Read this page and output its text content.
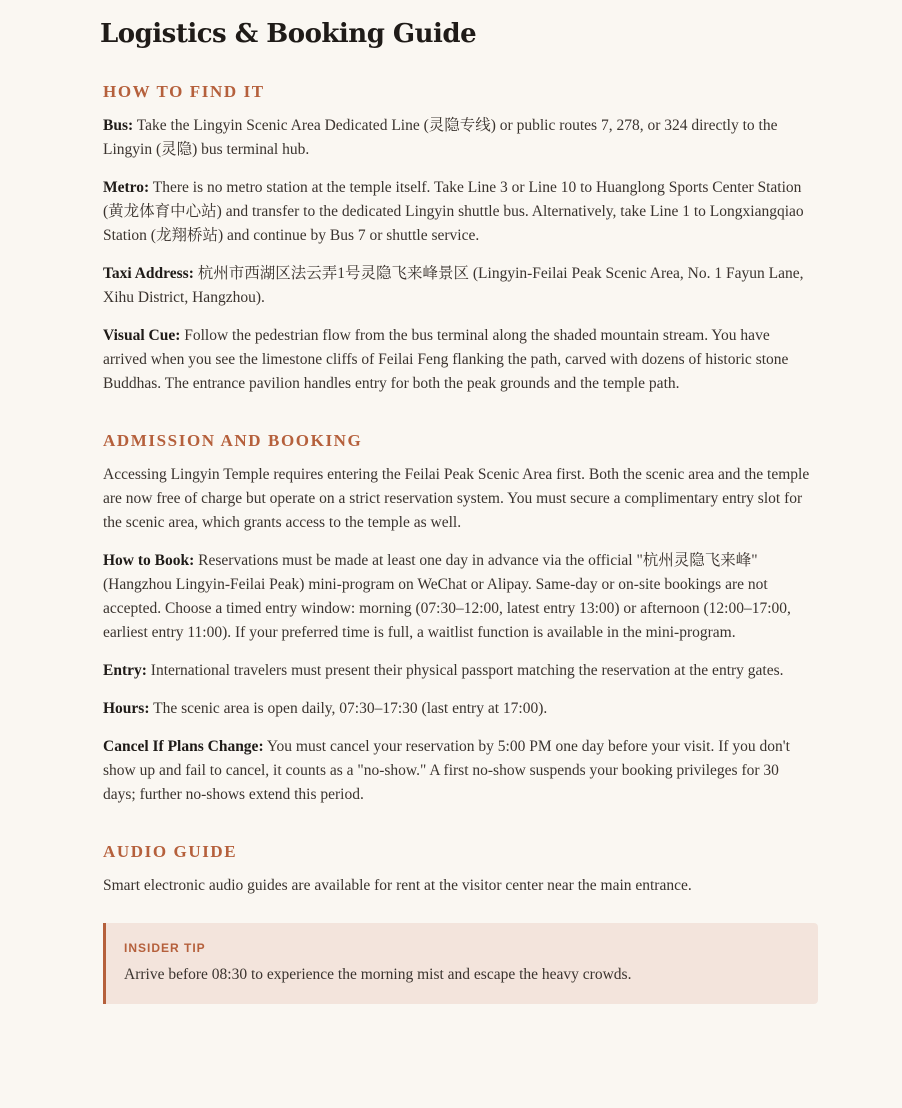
Logistics & Booking Guide
HOW TO FIND IT

Bus: Take the Lingyin Scenic Area Dedicated Line (灵隐专线) or public routes 7, 278, or 324 directly to the Lingyin (灵隐) bus terminal hub.

Metro: There is no metro station at the temple itself. Take Line 3 or Line 10 to Huanglong Sports Center Station (黄龙体育中心站) and transfer to the dedicated Lingyin shuttle bus. Alternatively, take Line 1 to Longxiangqiao Station (龙翔桥站) and continue by Bus 7 or shuttle service.

Taxi Address: 杭州市西湖区法云弄1号灵隐飞来峰景区 (Lingyin-Feilai Peak Scenic Area, No. 1 Fayun Lane, Xihu District, Hangzhou).

Visual Cue: Follow the pedestrian flow from the bus terminal along the shaded mountain stream. You have arrived when you see the limestone cliffs of Feilai Feng flanking the path, carved with dozens of historic stone Buddhas. The entrance pavilion handles entry for both the peak grounds and the temple path.

ADMISSION AND BOOKING

Accessing Lingyin Temple requires entering the Feilai Peak Scenic Area first. Both the scenic area and the temple are now free of charge but operate on a strict reservation system. You must secure a complimentary entry slot for the scenic area, which grants access to the temple as well.

How to Book: Reservations must be made at least one day in advance via the official "杭州灵隐飞来峰" (Hangzhou Lingyin-Feilai Peak) mini-program on WeChat or Alipay. Same-day or on-site bookings are not accepted. Choose a timed entry window: morning (07:30–12:00, latest entry 13:00) or afternoon (12:00–17:00, earliest entry 11:00). If your preferred time is full, a waitlist function is available in the mini-program.

Entry: International travelers must present their physical passport matching the reservation at the entry gates.

Hours: The scenic area is open daily, 07:30–17:30 (last entry at 17:00).

Cancel If Plans Change: You must cancel your reservation by 5:00 PM one day before your visit. If you don't show up and fail to cancel, it counts as a "no-show." A first no-show suspends your booking privileges for 30 days; further no-shows extend this period.

AUDIO GUIDE

Smart electronic audio guides are available for rent at the visitor center near the main entrance.

INSIDER TIP

Arrive before 08:30 to experience the morning mist and escape the heavy crowds.
